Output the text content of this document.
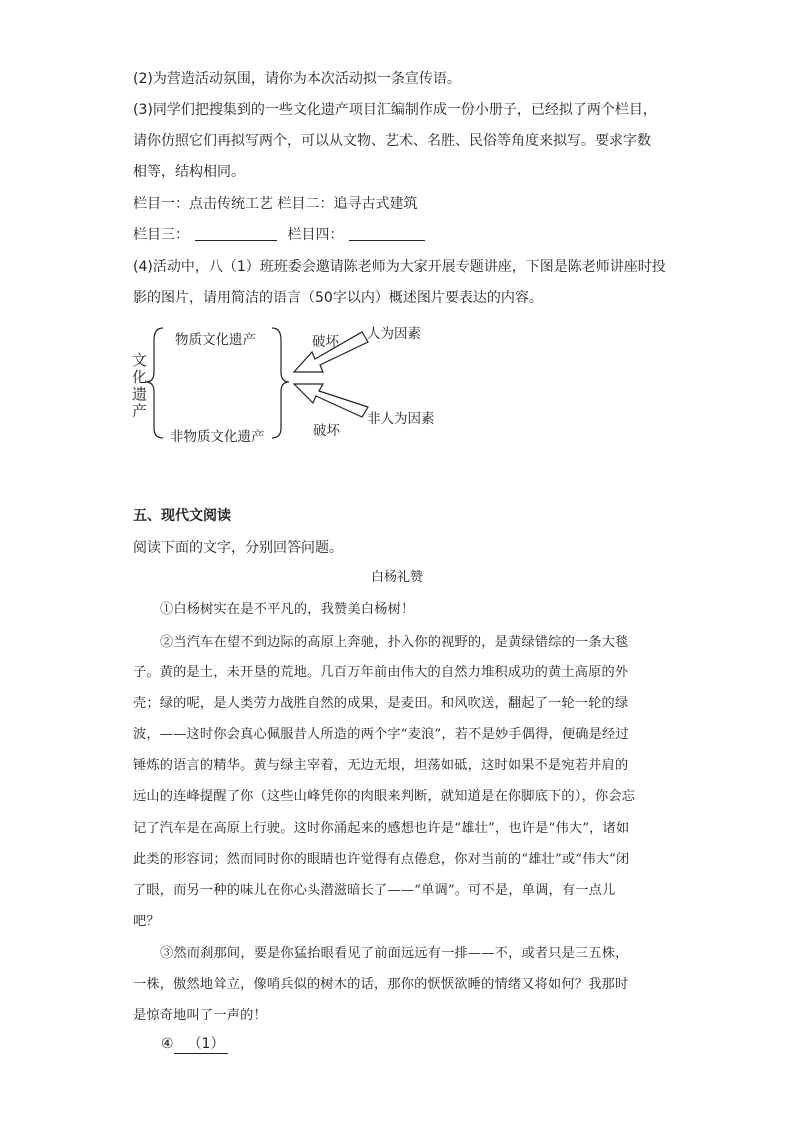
(2)为营造活动氛围，请你为本次活动拟一条宣传语。
(3)同学们把搜集到的一些文化遗产项目汇编制作成一份小册子，已经拟了两个栏目，
请你仿照它们再拟写两个，可以从文物、艺术、名胜、民俗等角度来拟写。要求字数
相等，结构相同。
栏目一：点击传统工艺 栏目二：追寻古式建筑
栏目三：	栏目四：
(4)活动中，八（1）班班委会邀请陈老师为大家开展专题讲座，下图是陈老师讲座时投
影的图片，请用简洁的语言（50字以内）概述图片要表达的内容。
文
化
遗
产
物质文化遗产
非物质文化遗产
破坏
破坏
人为因素
非人为因素
五、现代文阅读
阅读下面的文字，分别回答问题。
白杨礼赞
①白杨树实在是不平凡的，我赞美白杨树！
②当汽车在望不到边际的高原上奔驰，扑入你的视野的，是黄绿错综的一条大毯
子。黄的是土，未开垦的荒地。几百万年前由伟大的自然力堆积成功的黄土高原的外
壳；绿的呢，是人类劳力战胜自然的成果，是麦田。和风吹送，翻起了一轮一轮的绿
波，——这时你会真心佩服昔人所造的两个字“麦浪”，若不是妙手偶得，便确是经过
锤炼的语言的精华。黄与绿主宰着，无边无垠，坦荡如砥，这时如果不是宛若并肩的
远山的连峰提醒了你（这些山峰凭你的肉眼来判断，就知道是在你脚底下的），你会忘
记了汽车是在高原上行驶。这时你涌起来的感想也许是“雄壮”，也许是“伟大”，诸如
此类的形容词；然而同时你的眼睛也许觉得有点倦怠，你对当前的“雄壮”或“伟大”闭
了眼，而另一种的味儿在你心头潜滋暗长了——“单调”。可不是，单调，有一点儿
吧？
③然而刹那间，要是你猛抬眼看见了前面远远有一排——不，或者只是三五株，
一株，傲然地耸立，像哨兵似的树木的话，那你的恹恹欲睡的情绪又将如何？我那时
是惊奇地叫了一声的！
④ （1）
